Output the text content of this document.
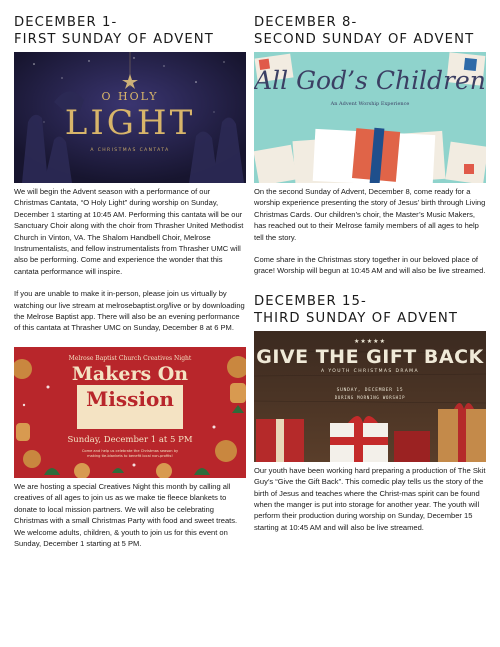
DECEMBER 1-
FIRST SUNDAY OF ADVENT
O HOLY
LIGHT
A CHRISTMAS CANTATA

We will begin the Advent season with a performance of our Christmas Cantata, “O Holy Light” during worship on Sunday, December 1 starting at 10:45 AM. Performing this cantata will be our Sanctuary Choir along with the choir from Thrasher United Methodist Church in Vinton, VA. The Shalom Handbell Choir, Melrose Instrumentalists, and fellow instrumentalists from Thrasher UMC will also be performing. Come and experience the wonder that this cantata performance will inspire.

If you are unable to make it in-person, please join us virtually by watching our live stream at melrosebaptist.org/live or by downloading the Melrose Baptist app. There will also be an evening performance of this cantata at Thrasher UMC on Sunday, December 8 at 6 PM.

Melrose Baptist Church Creatives Night
Makers On
Mission
Sunday, December 1 at 5 PM
Come and help us celebrate the Christmas season by
making tie-blankets to benefit local non-profits!

We are hosting a special Creatives Night this month by calling all creatives of all ages to join us as we make tie fleece blankets to donate to local mission partners. We will also be celebrating Christmas with a small Christmas Party with food and sweet treats. We welcome adults, children, & youth to join us for this event on Sunday, December 1 starting at 5 PM.

DECEMBER 8-
SECOND SUNDAY OF ADVENT
All God’s Children
An Advent Worship Experience

On the second Sunday of Advent, December 8, come ready for a worship experience presenting the story of Jesus’ birth through Living Christmas Cards. Our children’s choir, the Master’s Music Makers, has reached out to their Melrose family members of all ages to help tell the story.

Come share in the Christmas story together in our beloved place of grace! Worship will begun at 10:45 AM and will also be live streamed.

DECEMBER 15-
THIRD SUNDAY OF ADVENT
★★★★★
GIVE THE GIFT BACK
A YOUTH CHRISTMAS DRAMA
SUNDAY, DECEMBER 15
DURING MORNING WORSHIP

Our youth have been working hard preparing a production of The Skit Guy’s “Give the Gift Back”. This comedic play tells us the story of the birth of Jesus and teaches where the Christ-mas spirit can be found when the manger is put into storage for another year. The youth will perform their production during worship on Sunday, December 15 starting at 10:45 AM and will also be live streamed.
